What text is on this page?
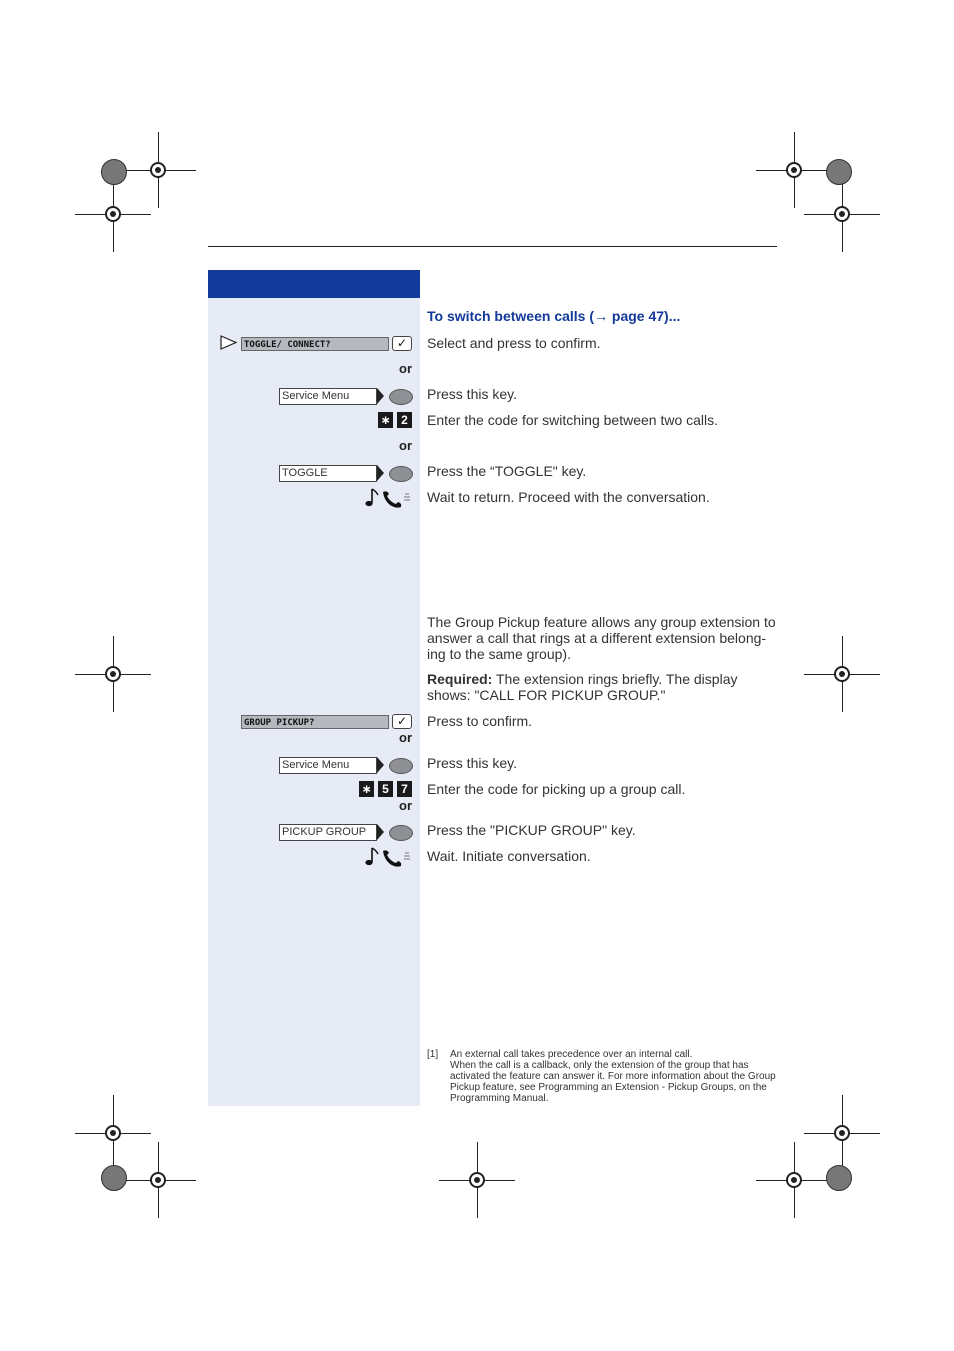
To switch between calls (→ page 47)...
TOGGLE/ CONNECT?	✓	Select and press to confirm.
or
Service Menu	Press this key.
∗ 2 Enter the code for switching between two calls.
or
TOGGLE	Press the “TOGGLE" key.
Wait to return. Proceed with the conversation.
The Group Pickup feature allows any group extension to answer a call that rings at a different extension belong-ing to the same group).
Required: The extension rings briefly. The display shows: "CALL FOR PICKUP GROUP."
GROUP PICKUP?	✓	Press to confirm.
or
Service Menu	Press this key.
∗ 5	7 Enter the code for picking up a group call.
or
PICKUP GROUP	Press the "PICKUP GROUP" key.
Wait. Initiate conversation.
[1] An external call takes precedence over an internal call.
When the call is a callback, only the extension of the group that has activated the feature can answer it. For more information about the Group Pickup feature, see Programming an Extension - Pickup Groups, on the Programming Manual.
